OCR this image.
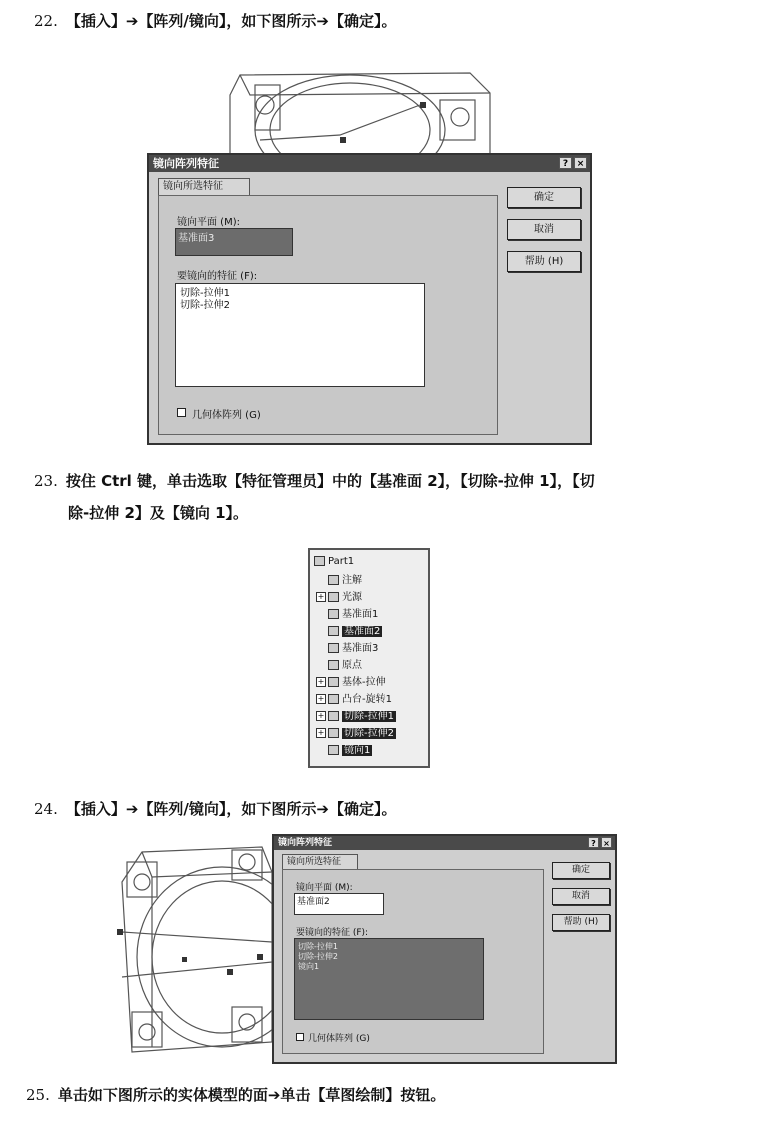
22. 【插入】➔【阵列/镜向】，如下图所示➔【确定】。
镜向阵列特征	? ×
镜向所选特征
镜向平面 (M):
基准面3
要镜向的特征 (F):
切除-拉伸1
切除-拉伸2
几何体阵列 (G)
确定
取消
帮助 (H)
23. 按住 Ctrl 键，单击选取【特征管理员】中的【基准面 2】，【切除-拉伸 1】，【切
除-拉伸 2】及【镜向 1】。
Part1
注解
+ 光源
基准面1
基准面2
基准面3
原点
+ 基体-拉伸
+ 凸台-旋转1
+ 切除-拉伸1
+ 切除-拉伸2
镜向1
24. 【插入】➔【阵列/镜向】，如下图所示➔【确定】。
镜向阵列特征	? ×
镜向所选特征
镜向平面 (M):
基准面2
要镜向的特征 (F):
切除-拉伸1
切除-拉伸2
镜向1
几何体阵列 (G)
确定
取消
帮助 (H)
25. 单击如下图所示的实体模型的面➔单击【草图绘制】按钮。
